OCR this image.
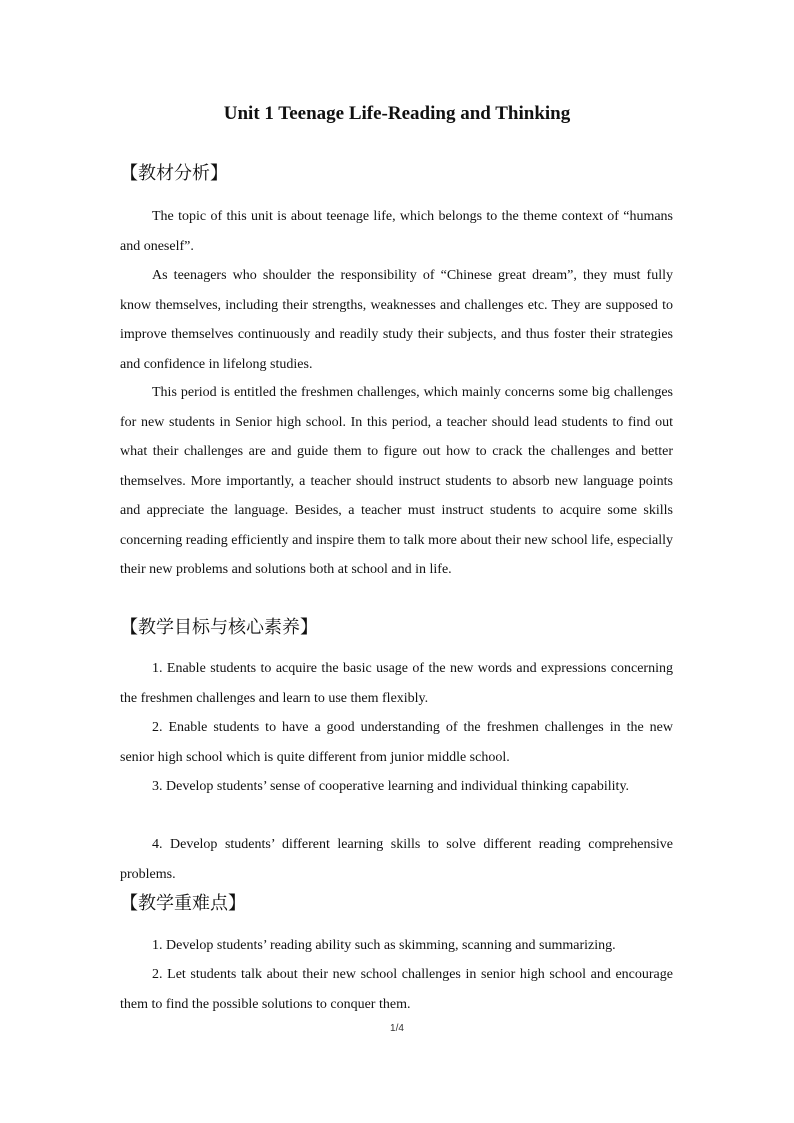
Unit 1 Teenage Life-Reading and Thinking
【教材分析】

The topic of this unit is about teenage life, which belongs to the theme context of “humans and oneself”.

As teenagers who shoulder the responsibility of “Chinese great dream”, they must fully know themselves, including their strengths, weaknesses and challenges etc. They are supposed to improve themselves continuously and readily study their subjects, and thus foster their strategies and confidence in lifelong studies.

This period is entitled the freshmen challenges, which mainly concerns some big challenges for new students in Senior high school. In this period, a teacher should lead students to find out what their challenges are and guide them to figure out how to crack the challenges and better themselves. More importantly, a teacher should instruct students to absorb new language points and appreciate the language. Besides, a teacher must instruct students to acquire some skills concerning reading efficiently and inspire them to talk more about their new school life, especially their new problems and solutions both at school and in life.

【教学目标与核心素养】

1. Enable students to acquire the basic usage of the new words and expressions concerning the freshmen challenges and learn to use them flexibly.

2. Enable students to have a good understanding of the freshmen challenges in the new senior high school which is quite different from junior middle school.

3. Develop students’ sense of cooperative learning and individual thinking capability.

4. Develop students’ different learning skills to solve different reading comprehensive problems.

【教学重难点】

1. Develop students’ reading ability such as skimming, scanning and summarizing.

2. Let students talk about their new school challenges in senior high school and encourage them to find the possible solutions to conquer them.

1/4
